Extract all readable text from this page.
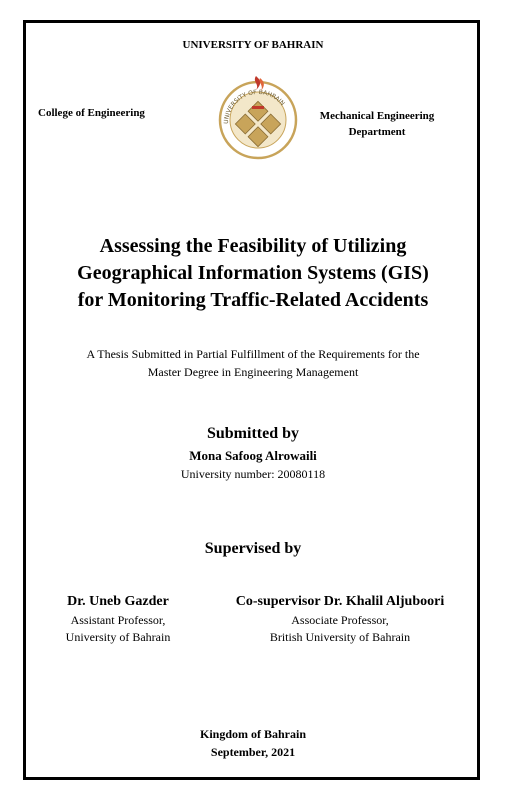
UNIVERSITY OF BAHRAIN
College of Engineering	Mechanical Engineering
Department
UNIVERSITY OF BAHRAIN
Assessing the Feasibility of Utilizing
Geographical Information Systems (GIS)
for Monitoring Traffic-Related Accidents
A Thesis Submitted in Partial Fulfillment of the Requirements for the
Master Degree in Engineering Management
Submitted by
Mona Safoog Alrowaili
University number: 20080118
Supervised by
Dr. Uneb Gazder
Assistant Professor,
University of Bahrain
Co-supervisor Dr. Khalil Aljuboori
Associate Professor,
British University of Bahrain
Kingdom of Bahrain
September, 2021
